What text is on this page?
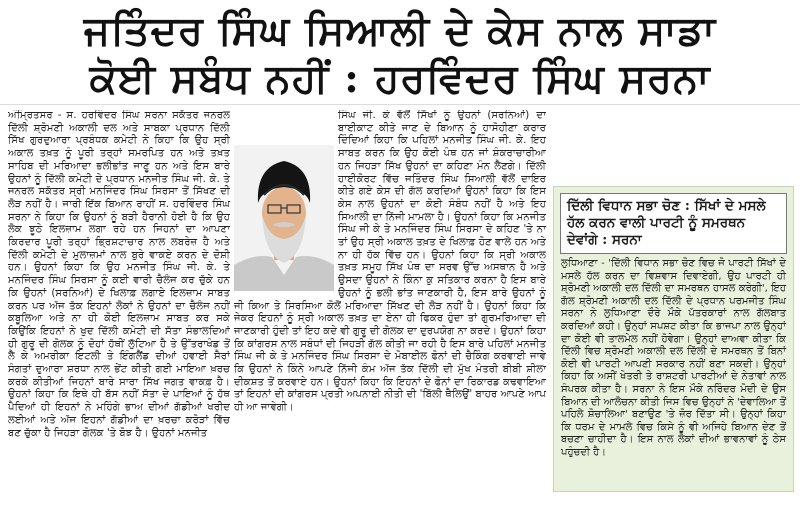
ਜਤਿੰਦਰ ਸਿੰਘ ਸਿਆਲੀ ਦੇ ਕੇਸ ਨਾਲ ਸਾਡਾ
ਕੋਈ ਸਬੰਧ ਨਹੀਂ : ਹਰਵਿੰਦਰ ਸਿੰਘ ਸਰਨਾ
ਅੰਮ੍ਰਿਤਸਰ - ਸ. ਹਰਵਿੰਦਰ ਸਿੰਘ ਸਰਨਾ ਸਕੱਤਰ ਜਨਰਲ ਦਿੱਲੀ ਸ਼੍ਰੋਮਣੀ ਅਕਾਲੀ ਦਲ ਅਤੇ ਸਾਬਕਾ ਪ੍ਰਧਾਨ ਦਿੱਲੀ ਸਿੱਖ ਗੁਰਦੁਆਰਾ ਪ੍ਰਬੰਧਕ ਕਮੇਟੀ ਨੇ ਕਿਹਾ ਕਿ ਉਹ ਸ੍ਰੀ ਅਕਾਲ ਤਖ਼ਤ ਨੂੰ ਪੂਰੀ ਤਰ੍ਹਾਂ ਸਮਰਪਿਤ ਹਨ ਅਤੇ ਤਖ਼ਤ ਸਾਹਿਬ ਦੀ ਮਰਿਆਦਾ ਭਲੀਭਾਂਤ ਜਾਣੂ ਹਨ ਅਤੇ ਇਸ ਬਾਰੇ ਉਹਨਾਂ ਨੂੰ ਦਿੱਲੀ ਕਮੇਟੀ ਦੇ ਪ੍ਰਧਾਨ ਮਨਜੀਤ ਸਿੰਘ ਜੀ. ਕੇ. ਤੇ ਜਨਰਲ ਸਕੱਤਰ ਸ੍ਰੀ ਮਨਜਿੰਦਰ ਸਿੰਘ ਸਿਰਸਾ ਤੋਂ ਸਿੱਖਣ ਦੀ ਲੋੜ ਨਹੀਂ ਹੈ। ਜਾਰੀ ਇੱਕ ਬਿਆਨ ਰਾਹੀਂ ਸ. ਹਰਵਿੰਦਰ ਸਿੰਘ ਸਰਨਾ ਨੇ ਕਿਹਾ ਕਿ ਉਹਨਾਂ ਨੂੰ ਬੜੀ ਹੈਰਾਨੀ ਹੋਈ ਹੈ ਕਿ ਉਹ ਲੋਕ ਝੂਠੇ ਇਲਜ਼ਾਮ ਲਗਾ ਰਹੇ ਹਨ ਜਿਹਨਾਂ ਦਾ ਆਪਣਾ ਕਿਰਦਾਰ ਪੂਰੀ ਤਰ੍ਹਾਂ ਭ੍ਰਿਸ਼ਟਾਚਾਰ ਨਾਲ ਲਬਰੇਜ਼ ਹੈ ਅਤੇ ਦਿੱਲੀ ਕਮੇਟੀ ਦੇ ਮੁਲਾਜ਼ਮਾਂ ਨਾਲ ਬੁਰੇ ਵਾਕਏ ਕਰਨ ਦੇ ਦੋਸ਼ੀ ਹਨ। ਉਹਨਾਂ ਕਿਹਾ ਕਿ ਉਹ ਮਨਜੀਤ ਸਿੰਘ ਜੀ. ਕੇ. ਤੇ ਮਨਜਿੰਦਰ ਸਿੰਘ ਸਿਰਸਾ ਨੂੰ ਕਈ ਵਾਰੀ ਚੈਲੰਜ ਕਰ ਚੁੱਕੇ ਹਨ ਕਿ ਉਹਨਾਂ (ਸਰਨਿਆਂ) ਦੇ ਖਿਲਾਫ਼ ਲਗਾਏ ਇਲਜ਼ਾਮ ਸਾਬਤ ਕਰਨ ਪਰ ਅੱਜ ਤੱਕ ਇਹਨਾਂ ਲੋਕਾਂ ਨੇ ਉਹਨਾਂ ਦਾ ਚੈਲੰਜ ਨਹੀਂ ਕਬੂਲਿਆ ਅਤੇ ਨਾ ਹੀ ਕੋਈ ਇਲਜ਼ਾਮ ਸਾਬਤ ਕਰ ਸਕੇ ਕਿਉਂਕਿ ਇਹਨਾਂ ਨੇ ਖੁਦ ਦਿੱਲੀ ਕਮੇਟੀ ਦੀ ਸੱਤਾ ਸੰਭਾਲਦਿਆਂ ਹੀ ਗੁਰੂ ਦੀ ਗੋਲਕ ਨੂੰ ਦੋਹਾਂ ਹੱਥੀਂ ਲੁੱਟਿਆ ਹੈ ਤੇ ਉੱਤਰਾਖੰਡ ਤੋਂ ਲੈ ਕੇ ਅਮਰੀਕਾ ਇਟਲੀ ਤੇ ਇੰਗਲੈਂਡ ਦੀਆਂ ਹਵਾਈ ਸੈਰਾਂ ਸੰਗਤਾਂ ਦੁਆਰਾ ਸ਼ਰਧਾ ਨਾਲ ਭੇਂਟ ਕੀਤੀ ਗਈ ਮਾਇਆ ਖ਼ਰਚ ਕਰਕੇ ਕੀਤੀਆਂ ਜਿਹਨਾਂ ਬਾਰੇ ਸਾਰਾ ਸਿੱਖ ਜਗਤ ਵਾਕਫ਼ ਹੈ। ਉਹਨਾਂ ਕਿਹਾ ਕਿ ਇਥੇ ਹੀ ਬੱਸ ਨਹੀਂ ਸੱਤਾ ਦੇ ਪਾਇਆਂ ਨੂੰ ਹੱਥ ਪੈਦਿਆਂ ਹੀ ਇਹਨਾਂ ਨੇ ਮਹਿੰਗੇ ਭਾਅ ਦੀਆਂ ਗੱਡੀਆਂ ਖਰੀਦ ਲਈਆਂ ਅਤੇ ਅੱਜ ਇਹਨਾਂ ਗੱਡੀਆਂ ਦਾ ਖ਼ਰਚਾ ਕਰੋੜਾਂ ਵਿੱਚ ਬਣ ਚੁੱਕਾ ਹੈ ਜਿਹੜਾ ਗੋਲਕ 'ਤੇ ਬੋਝ ਹੈ। ਉਹਨਾਂ ਮਨਜੀਤ
ਸਿੰਘ ਜੀ. ਕੇ ਵੱਲੋਂ ਸਿੱਖਾਂ ਨੂੰ ਉਹਨਾਂ (ਸਰਨਿਆਂ) ਦਾ ਬਾਈਕਾਟ ਕੀਤੇ ਜਾਣ ਦੇ ਬਿਆਨ ਨੂੰ ਹਾਸੋਹੀਣਾ ਕਰਾਰ ਦਿੰਦਿਆਂ ਕਿਹਾ ਕਿ ਪਹਿਲਾਂ ਮਨਜੀਤ ਸਿੰਘ ਜੀ. ਕੇ. ਇਹ ਸਾਬਤ ਕਰਨ ਕਿ ਉਹ ਕੋਈ ਪੰਥ ਹਨ ਜਾਂ ਸ਼ੰਕਰਾਚਾਰੀਆ ਹਨ ਜਿਹੜਾ ਸਿੱਖ ਉਹਨਾਂ ਦਾ ਕਹਿਣਾ ਮੰਨ ਲੈਣਗੇ। ਦਿੱਲੀ ਹਾਈਕੋਰਟ ਵਿੱਚ ਜਤਿੰਦਰ ਸਿੰਘ ਸਿਆਲੀ ਵੱਲੋਂ ਦਾਇਰ ਕੀਤੇ ਗਏ ਕੇਸ ਦੀ ਗੱਲ ਕਰਦਿਆਂ ਉਹਨਾਂ ਕਿਹਾ ਕਿ ਇਸ ਕੇਸ ਨਾਲ ਉਹਨਾਂ ਦਾ ਕੋਈ ਸੰਬੰਧ ਨਹੀਂ ਹੈ ਅਤੇ ਇਹ ਸਿਆਲੀ ਦਾ ਨਿੱਜੀ ਮਾਮਲਾ ਹੈ। ਉਹਨਾਂ ਕਿਹਾ ਕਿ ਮਨਜੀਤ ਸਿੰਘ ਜੀ ਕੇ ਤੇ ਮਨਜਿੰਦਰ ਸਿੰਘ ਸਿਰਸਾ ਦੇ ਕਹਿਣ 'ਤੇ ਨਾ ਤਾਂ ਉਹ ਸ੍ਰੀ ਅਕਾਲ ਤਖ਼ਤ ਦੇ ਖਿਲਾਫ਼ ਹੋਣ ਵਾਲੇ ਹਨ ਅਤੇ ਨਾ ਹੀ ਹੱਕ ਵਿੱਚ ਹਨ। ਉਹਨਾਂ ਕਿਹਾ ਕਿ ਸ੍ਰੀ ਅਕਾਲ ਤਖ਼ਤ ਸਮੂਹ ਸਿੱਖ ਪੰਥ ਦਾ ਸਰਵ ਉੱਚ ਅਸਥਾਨ ਹੈ ਅਤੇ ਉਸਦਾ ਉਹਨਾਂ ਨੇ ਕਿੰਨਾ ਕੁ ਸਤਿਕਾਰ ਕਰਨਾ ਹੈ ਇਸ ਬਾਰੇ ਉਹਨਾਂ ਨੂੰ ਭਲੀ ਭਾਂਤ ਜਾਣਕਾਰੀ ਹੈ, ਇਸ ਬਾਰੇ ਉਹਨਾਂ ਨੂੰ ਜੀ ਕਿਆ ਤੇ ਸਿਰਸਿਆ ਕੋਲੋਂ ਮਰਿਆਦਾ ਸਿੱਖਣ ਦੀ ਲੋੜ ਨਹੀਂ ਹੈ। ਉਹਨਾਂ ਕਿਹਾ ਕਿ ਜੇਕਰ ਇਹਨਾਂ ਨੂੰ ਸ੍ਰੀ ਅਕਾਲ ਤਖ਼ਤ ਦਾ ਏਨਾ ਹੀ ਫਿਕਰ ਹੁੰਦਾ ਤਾਂ ਗੁਰਮਰਿਆਦਾ ਦੀ ਜਾਣਕਾਰੀ ਹੁੰਦੀ ਤਾਂ ਇਹ ਕਦੇ ਵੀ ਗੁਰੂ ਦੀ ਗੋਲਕ ਦਾ ਦੁਰਪਯੋਗ ਨਾ ਕਰਦੇ। ਉਹਨਾਂ ਕਿਹਾ ਕਿ ਕਾਂਗਰਸ ਨਾਲ ਸਬੰਧਾਂ ਦੀ ਜਿਹੜੀ ਗੱਲ ਕੀਤੀ ਜਾ ਰਹੀ ਹੈ ਇਸ ਬਾਰੇ ਪਹਿਲਾਂ ਮਨਜੀਤ ਸਿੰਘ ਜੀ ਕੇ ਤੇ ਮਨਜਿੰਦਰ ਸਿੰਘ ਸਿਰਸਾ ਦੇ ਮੋਬਾਈਲ ਫੋਨਾਂ ਦੀ ਚੈਕਿੰਗ ਕਰਵਾਈ ਜਾਵੇ ਕਿ ਉਹਨਾਂ ਨੇ ਕਿੰਨੇ ਆਪਣੇ ਨਿੱਜੀ ਕੰਮ ਅੱਜ ਤੱਕ ਦਿੱਲੀ ਦੀ ਮੁੱਖ ਮੰਤਰੀ ਬੀਬੀ ਸ਼ੀਲਾ ਦੀਕਸ਼ਤ ਤੋਂ ਕਰਵਾਏ ਹਨ। ਉਹਨਾਂ ਕਿਹਾ ਕਿ ਇਹਨਾਂ ਦੇ ਫੋਨਾਂ ਦਾ ਰਿਕਾਰਡ ਕਢਵਾਇਆ ਤਾਂ ਇਹਨਾਂ ਦੀ ਕਾਂਗਰਸ ਪ੍ਰਤੀ ਅਪਨਾਈ ਨੀਤੀ ਦੀ 'ਬਿੱਲੀ ਥੈਲਿਉਂ' ਬਾਹਰ ਆਪਣੇ ਆਪ ਹੀ ਆ ਜਾਵੇਗੀ।
ਦਿੱਲੀ ਵਿਧਾਨ ਸਭਾ ਚੋਣ : ਸਿੱਖਾਂ ਦੇ ਮਸਲੇ ਹੱਲ ਕਰਨ ਵਾਲੀ ਪਾਰਟੀ ਨੂੰ ਸਮਰਥਨ ਦੇਵਾਂਗੇ : ਸਰਨਾ
ਲੁਧਿਆਣਾ - 'ਦਿੱਲੀ ਵਿਧਾਨ ਸਭਾ ਚੋਣ ਵਿਚ ਜੋ ਪਾਰਟੀ ਸਿੱਖਾਂ ਦੇ ਮਸਲੇ ਹੱਲ ਕਰਨ ਦਾ ਵਿਸ਼ਵਾਸ ਦਿਵਾਏਗੀ, ਉਹ ਪਾਰਟੀ ਹੀ ਸ਼੍ਰੋਮਣੀ ਅਕਾਲੀ ਦਲ ਦਿੱਲੀ ਦਾ ਸਮਰਥਨ ਹਾਸਲ ਕਰੇਗੀ', ਇਹ ਗੱਲ ਸ਼੍ਰੋਮਣੀ ਅਕਾਲੀ ਦਲ ਦਿੱਲੀ ਦੇ ਪ੍ਰਧਾਨ ਪਰਮਜੀਤ ਸਿੰਘ ਸਰਨਾ ਨੇ ਲੁਧਿਆਣਾ ਦੌਰੇ ਮੌਕੇ ਪੱਤਰਕਾਰਾਂ ਨਾਲ ਗੱਲਬਾਤ ਕਰਦਿਆਂ ਕਹੀ। ਉਨ੍ਹਾਂ ਸਪਸ਼ਟ ਕੀਤਾ ਕਿ ਭਾਜਪਾ ਨਾਲ ਉਨ੍ਹਾਂ ਦਾ ਕੋਈ ਵੀ ਤਾਲਮੇਲ ਨਹੀਂ ਹੋਵੇਗਾ। ਉਨ੍ਹਾਂ ਦਾਅਵਾ ਕੀਤਾ ਕਿ ਦਿੱਲੀ ਵਿਚ ਸ਼੍ਰੋਮਣੀ ਅਕਾਲੀ ਦਲ ਦਿੱਲੀ ਦੇ ਸਮਰਥਨ ਤੋਂ ਬਿਨਾਂ ਕੋਈ ਵੀ ਪਾਰਟੀ ਆਪਣੀ ਸਰਕਾਰ ਨਹੀਂ ਬਣਾ ਸਕਦੀ। ਉਨ੍ਹਾਂ ਕਿਹਾ ਕਿ ਅਸੀਂ ਖੇਤਰੀ ਤੇ ਰਾਸ਼ਟਰੀ ਪਾਰਟੀਆਂ ਦੇ ਨੇਤਾਵਾਂ ਨਾਲ ਸੰਪਰਕ ਕੀਤਾ ਹੈ। ਸਰਨਾ ਨੇ ਇਸ ਮੌਕੇ ਨਰਿੰਦਰ ਮੋਦੀ ਦੇ ਉਸ ਬਿਆਨ ਦੀ ਆਲੋਚਨਾ ਕੀਤੀ ਜਿਸ ਵਿਚ ਉਨ੍ਹਾਂ ਨੇ 'ਦੇਵਾਲਿਆ ਤੋਂ ਪਹਿਲੇ ਸ਼ੋਚਾਲਿਆ' ਬਣਾਉਣ 'ਤੇ ਜ਼ੋਰ ਦਿੱਤਾ ਸੀ। ਉਨ੍ਹਾਂ ਕਿਹਾ ਕਿ ਧਰਮ ਦੇ ਮਾਮਲੇ ਵਿਚ ਕਿਸੇ ਨੂੰ ਵੀ ਅਜਿਹੇ ਬਿਆਨ ਦੇਣ ਤੋਂ ਬਚਣਾ ਚਾਹੀਦਾ ਹੈ। ਇਸ ਨਾਲ ਲੋਕਾਂ ਦੀਆਂ ਭਾਵਨਾਵਾਂ ਨੂੰ ਠੇਸ ਪਹੁੰਚਦੀ ਹੈ।
